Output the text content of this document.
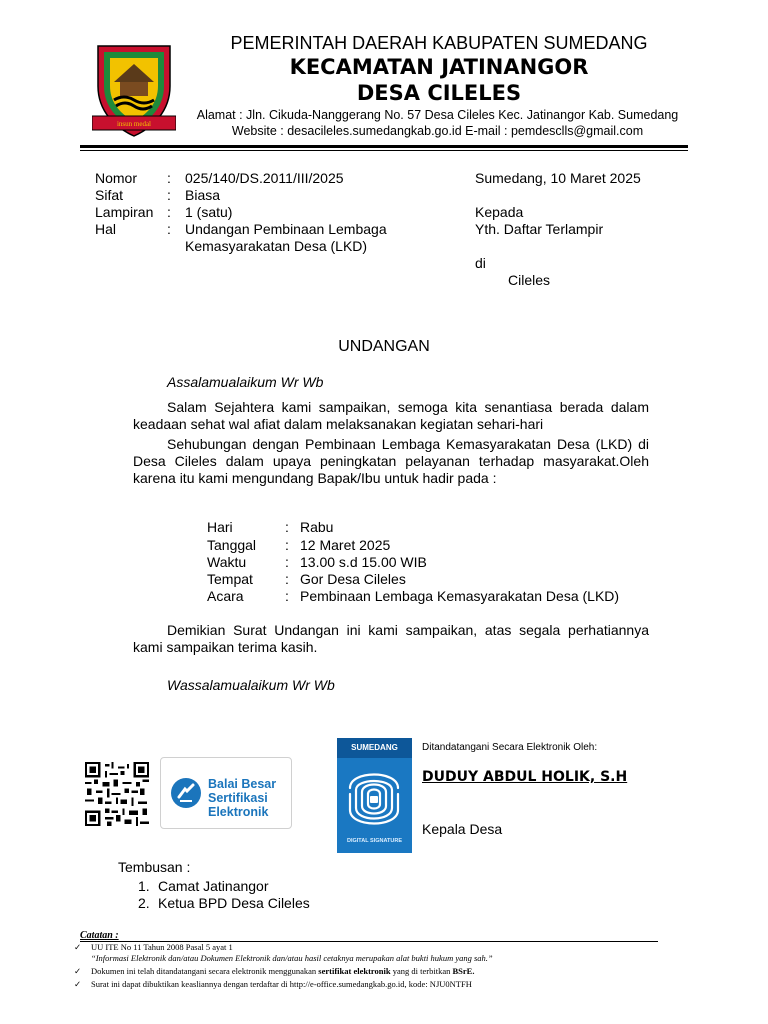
insun medal
PEMERINTAH DAERAH KABUPATEN SUMEDANG
KECAMATAN JATINANGOR
DESA CILELES
Alamat : Jln. Cikuda-Nanggerang No. 57 Desa Cileles Kec. Jatinangor Kab. Sumedang
Website : desacileles.sumedangkab.go.id E-mail : pemdesclls@gmail.com
Nomor	:	025/140/DS.2011/III/2025
Sifat	:	Biasa
Lampiran :	1 (satu)
Hal	:	Undangan Pembinaan Lembaga Kemasyarakatan Desa (LKD)
Sumedang, 10 Maret 2025
Kepada
Yth. Daftar Terlampir
di
Cileles
UNDANGAN
Assalamualaikum Wr Wb
Salam Sejahtera kami sampaikan, semoga kita senantiasa berada dalam keadaan sehat wal afiat dalam melaksanakan kegiatan sehari-hari
Sehubungan dengan Pembinaan Lembaga Kemasyarakatan Desa (LKD) di Desa Cileles dalam upaya peningkatan pelayanan terhadap masyarakat.Oleh karena itu kami mengundang Bapak/Ibu untuk hadir pada :
Hari	: Rabu
Tanggal	: 12 Maret 2025
Waktu	: 13.00 s.d 15.00 WIB
Tempat	: Gor Desa Cileles
Acara	: Pembinaan Lembaga Kemasyarakatan Desa (LKD)
Demikian Surat Undangan ini kami sampaikan, atas segala perhatiannya kami sampaikan terima kasih.
Wassalamualaikum Wr Wb
Balai Besar
Sertifikasi
Elektronik
SUMEDANG
DIGITAL SIGNATURE
Ditandatangani Secara Elektronik Oleh:
DUDUY ABDUL HOLIK, S.H
Kepala Desa
Tembusan :
1. Camat Jatinangor
2. Ketua BPD Desa Cileles
Catatan :
✓	UU ITE No 11 Tahun 2008 Pasal 5 ayat 1
“Informasi Elektronik dan/atau Dokumen Elektronik dan/atau hasil cetaknya merupakan alat bukti hukum yang sah.”
✓	Dokumen ini telah ditandatangani secara elektronik menggunakan sertifikat elektronik yang di terbitkan BSrE.
✓	Surat ini dapat dibuktikan keasliannya dengan terdaftar di http://e-office.sumedangkab.go.id, kode: NJU0NTFH
